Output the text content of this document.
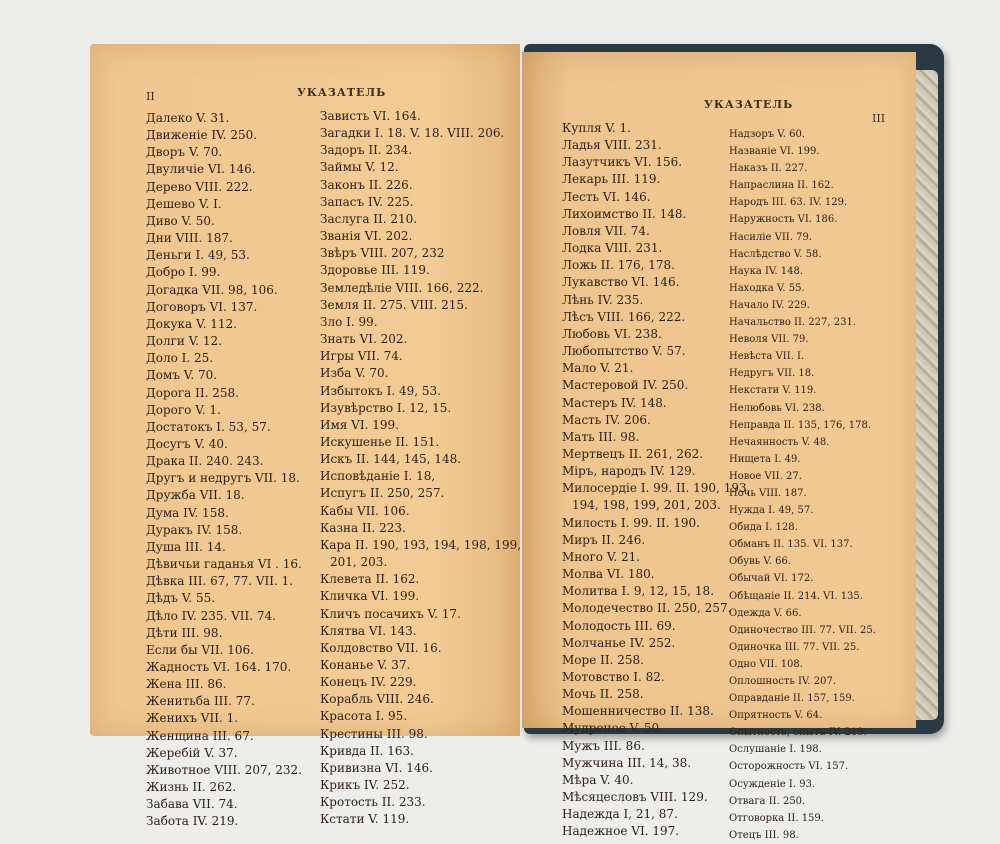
II	УКАЗАТЕЛЬ
Далеко V. 31.
Движеніе IV. 250.
Дворъ V. 70.
Двуличіе VI. 146.
Дерево VIII. 222.
Дешево V. I.
Диво V. 50.
Дни VIII. 187.
Деньги I. 49, 53.
Добро I. 99.
Догадка VII. 98, 106.
Договоръ VI. 137.
Докука V. 112.
Долги V. 12.
Доло I. 25.
Домъ V. 70.
Дорога II. 258.
Дорого V. 1.
Достатокъ I. 53, 57.
Досугъ V. 40.
Драка II. 240. 243.
Другъ и недругъ VII. 18.
Дружба VII. 18.
Дума IV. 158.
Дуракъ IV. 158.
Душа III. 14.
Дѣвичьи гаданья VI . 16.
Дѣвка III. 67, 77. VII. 1.
Дѣдъ V. 55.
Дѣло IV. 235. VII. 74.
Дѣти III. 98.
Если бы VII. 106.
Жадность VI. 164. 170.
Жена III. 86.
Женитьба III. 77.
Женихъ VII. 1.
Женщина III. 67.
Жеребій V. 37.
Животное VIII. 207, 232.
Жизнь II. 262.
Забава VII. 74.
Забота IV. 219.
Зависть VI. 164.
Загадки I. 18. V. 18. VIII. 206.
Задоръ II. 234.
Займы V. 12.
Законъ II. 226.
Запасъ IV. 225.
Заслуга II. 210.
Званія VI. 202.
Звѣръ VIII. 207, 232
Здоровье III. 119.
Земледѣліе VIII. 166, 222.
Земля II. 275. VIII. 215.
Зло I. 99.
Знать VI. 202.
Игры VII. 74.
Изба V. 70.
Избытокъ I. 49, 53.
Изувѣрство I. 12, 15.
Имя VI. 199.
Искушенье II. 151.
Искъ II. 144, 145, 148.
Исповѣданіе I. 18,
Испугъ II. 250, 257.
Кабы VII. 106.
Казна II. 223.
Кара II. 190, 193, 194, 198, 199,
201, 203.
Клевета II. 162.
Кличка VI. 199.
Кличъ посачихъ V. 17.
Клятва VI. 143.
Колдовство VII. 16.
Конанье V. 37.
Конецъ IV. 229.
Корабль VIII. 246.
Красота I. 95.
Крестины III. 98.
Кривда II. 163.
Кривизна VI. 146.
Крикъ IV. 252.
Кротость II. 233.
Кстати V. 119.
УКАЗАТЕЛЬ
III
Купля V. 1.
Ладья VIII. 231.
Лазутчикъ VI. 156.
Лекарь III. 119.
Лесть VI. 146.
Лихоимство II. 148.
Ловля VII. 74.
Лодка VIII. 231.
Ложь II. 176, 178.
Лукавство VI. 146.
Лѣнь IV. 235.
Лѣсъ VIII. 166, 222.
Любовь VI. 238.
Любопытство V. 57.
Мало V. 21.
Мастеровой IV. 250.
Мастеръ IV. 148.
Масть IV. 206.
Мать III. 98.
Мертвецъ II. 261, 262.
Міръ, народъ IV. 129.
Милосердіе I. 99. II. 190, 193,
194, 198, 199, 201, 203.
Милость I. 99. II. 190.
Миръ II. 246.
Много V. 21.
Молва VI. 180.
Молитва I. 9, 12, 15, 18.
Молодечество II. 250, 257.
Молодость III. 69.
Молчанье IV. 252.
Море II. 258.
Мотовство I. 82.
Мочь II. 258.
Мошенничество II. 138.
Мудреное V. 50.
Мужъ III. 86.
Мужчина III. 14, 38.
Мѣра V. 40.
Мѣсяцесловъ VIII. 129.
Надежда I, 21, 87.
Надежное VI. 197.
Надзоръ V. 60.
Названіе VI. 199.
Наказъ II. 227.
Напраслина II. 162.
Народъ III. 63. IV. 129.
Наружность VI. 186.
Насиліе VII. 79.
Наслѣдство V. 58.
Наука IV. 148.
Находка V. 55.
Начало IV. 229.
Начальство II. 227, 231.
Неволя VII. 79.
Невѣста VII. I.
Недругъ VII. 18.
Некстати V. 119.
Нелюбовь VI. 238.
Неправда II. 135, 176, 178.
Нечаянность V. 48.
Нищета I. 49.
Новое VII. 27.
Ночь VIII. 187.
Нужда I. 49, 57.
Обида I. 128.
Обманъ II. 135. VI. 137.
Обувь V. 66.
Обычай VI. 172.
Обѣщаніе II. 214. VI. 135.
Одежда V. 66.
Одиночество III. 77. VII. 25.
Одиночка III. 77. VII. 25.
Одно VII. 108.
Оплошность IV. 207.
Оправданіе II. 157, 159.
Опрятность V. 64.
Опытность, опытъ IV. 219.
Ослушаніе I. 198.
Осторожность VI. 157.
Осужденіе I. 93.
Отвага II. 250.
Отговорка II. 159.
Отецъ III. 98.
